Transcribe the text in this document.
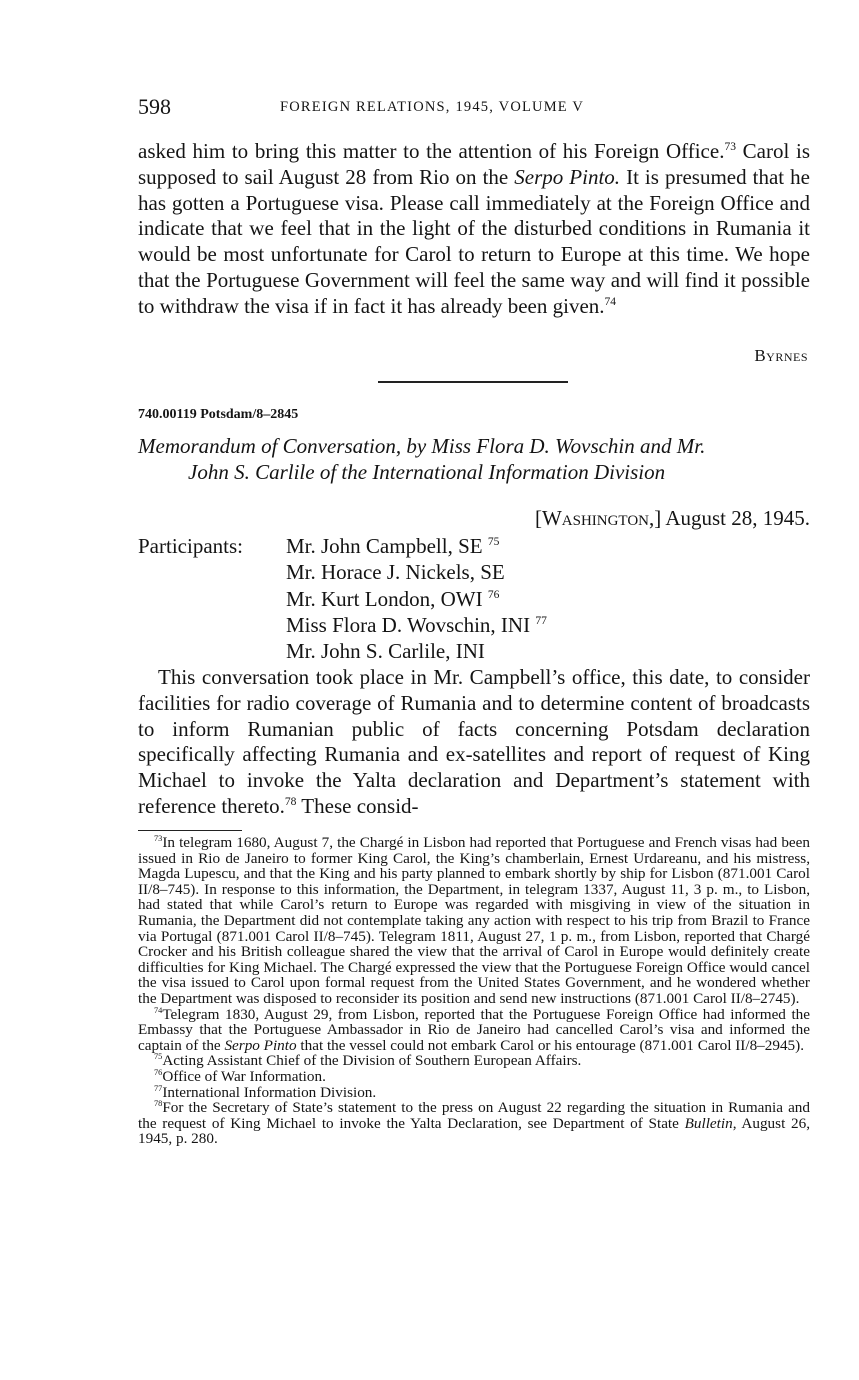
598	FOREIGN RELATIONS, 1945, VOLUME V

asked him to bring this matter to the attention of his Foreign Office.$^{73}$ Carol is supposed to sail August 28 from Rio on the Serpo Pinto. It is presumed that he has gotten a Portuguese visa. Please call immediately at the Foreign Office and indicate that we feel that in the light of the disturbed conditions in Rumania it would be most unfortunate for Carol to return to Europe at this time. We hope that the Portuguese Government will feel the same way and will find it possible to withdraw the visa if in fact it has already been given.$^{74}$

Byrnes
740.00119 Potsdam/8–2845
Memorandum of Conversation, by Miss Flora D. Wovschin and Mr.
John S. Carlile of the International Information Division
[Washington,] August 28, 1945.
Participants: Mr. John Campbell, SE $^{75}$
Mr. Horace J. Nickels, SE
Mr. Kurt London, OWI $^{76}$
Miss Flora D. Wovschin, INI $^{77}$
Mr. John S. Carlile, INI

This conversation took place in Mr. Campbell’s office, this date, to consider facilities for radio coverage of Rumania and to determine content of broadcasts to inform Rumanian public of facts concerning Potsdam declaration specifically affecting Rumania and ex-satellites and report of request of King Michael to invoke the Yalta declaration and Department’s statement with reference thereto.$^{78}$ These consid-

$^{73}$In telegram 1680, August 7, the Chargé in Lisbon had reported that Portuguese and French visas had been issued in Rio de Janeiro to former King Carol, the King’s chamberlain, Ernest Urdareanu, and his mistress, Magda Lupescu, and that the King and his party planned to embark shortly by ship for Lisbon (871.001 Carol II/8–745). In response to this information, the Department, in telegram 1337, August 11, 3 p. m., to Lisbon, had stated that while Carol’s return to Europe was regarded with misgiving in view of the situation in Rumania, the Department did not contemplate taking any action with respect to his trip from Brazil to France via Portugal (871.001 Carol II/8–745). Telegram 1811, August 27, 1 p. m., from Lisbon, reported that Chargé Crocker and his British colleague shared the view that the arrival of Carol in Europe would definitely create difficulties for King Michael. The Chargé expressed the view that the Portuguese Foreign Office would cancel the visa issued to Carol upon formal request from the United States Government, and he wondered whether the Department was disposed to reconsider its position and send new instructions (871.001 Carol II/8–2745).

$^{74}$Telegram 1830, August 29, from Lisbon, reported that the Portuguese Foreign Office had informed the Embassy that the Portuguese Ambassador in Rio de Janeiro had cancelled Carol’s visa and informed the captain of the Serpo Pinto that the vessel could not embark Carol or his entourage (871.001 Carol II/8–2945).

$^{75}$Acting Assistant Chief of the Division of Southern European Affairs.

$^{76}$Office of War Information.

$^{77}$International Information Division.

$^{78}$For the Secretary of State’s statement to the press on August 22 regarding the situation in Rumania and the request of King Michael to invoke the Yalta Declaration, see Department of State Bulletin, August 26, 1945, p. 280.
